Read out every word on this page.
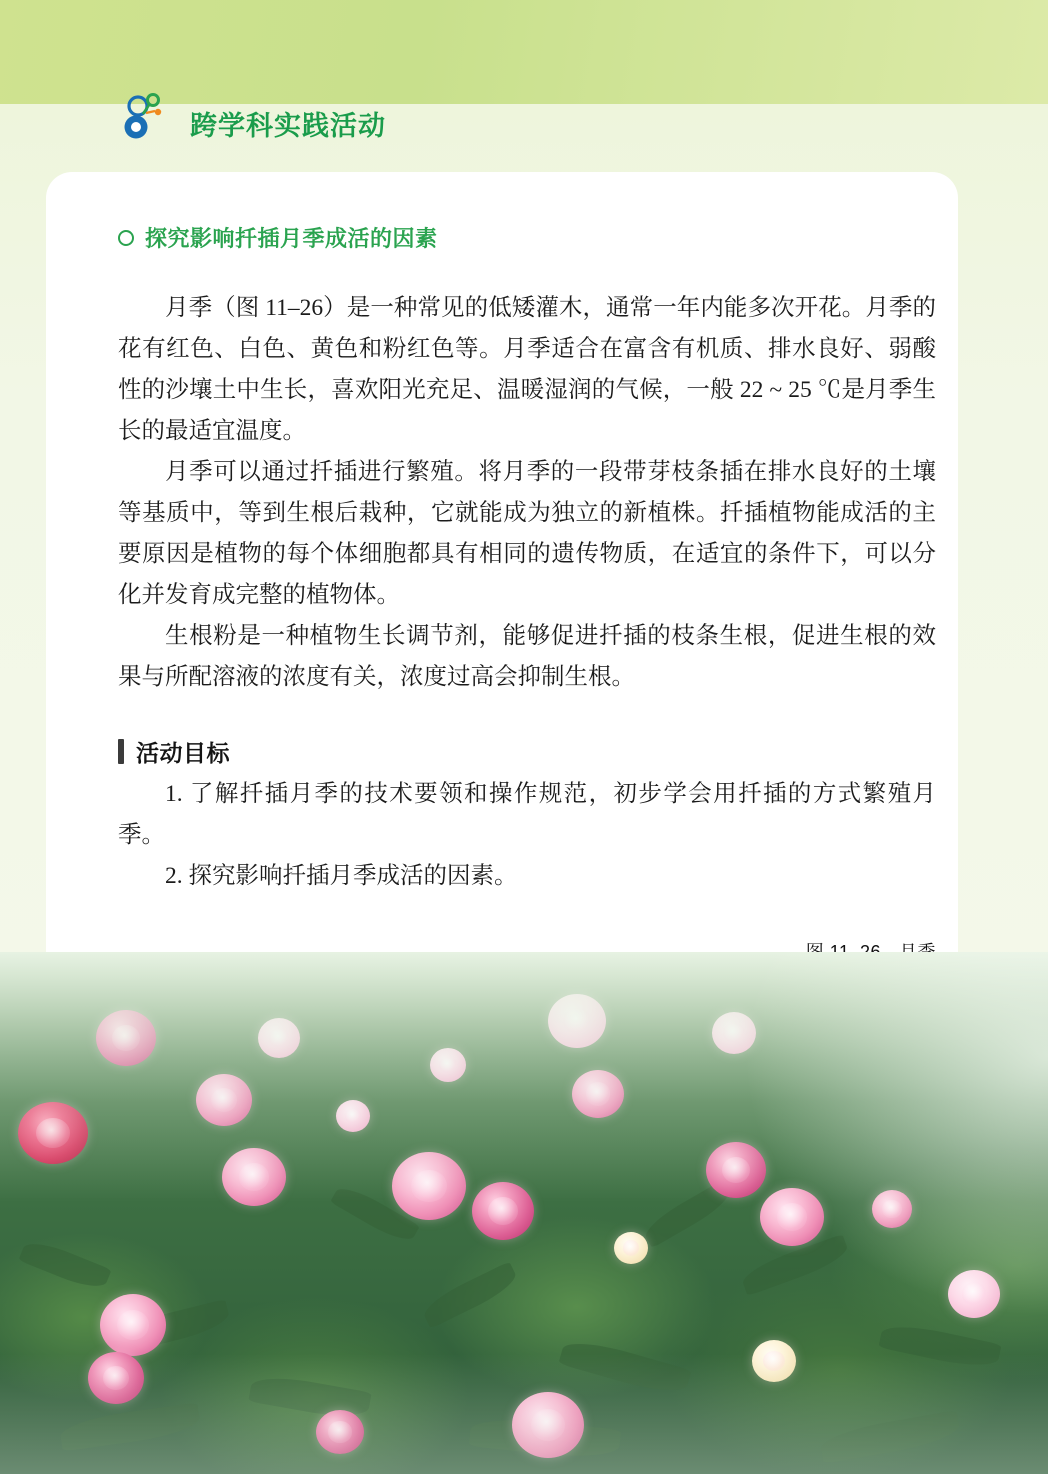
跨学科实践活动
探究影响扦插月季成活的因素

月季（图 11–26）是一种常见的低矮灌木，通常一年内能多次开花。月季的花有红色、白色、黄色和粉红色等。月季适合在富含有机质、排水良好、弱酸性的沙壤土中生长，喜欢阳光充足、温暖湿润的气候，一般 22 ~ 25 ℃是月季生长的最适宜温度。

月季可以通过扦插进行繁殖。将月季的一段带芽枝条插在排水良好的土壤等基质中，等到生根后栽种，它就能成为独立的新植株。扦插植物能成活的主要原因是植物的每个体细胞都具有相同的遗传物质，在适宜的条件下，可以分化并发育成完整的植物体。

生根粉是一种植物生长调节剂，能够促进扦插的枝条生根，促进生根的效果与所配溶液的浓度有关，浓度过高会抑制生根。

活动目标

1. 了解扦插月季的技术要领和操作规范，初步学会用扦插的方式繁殖月季。

2. 探究影响扦插月季成活的因素。
